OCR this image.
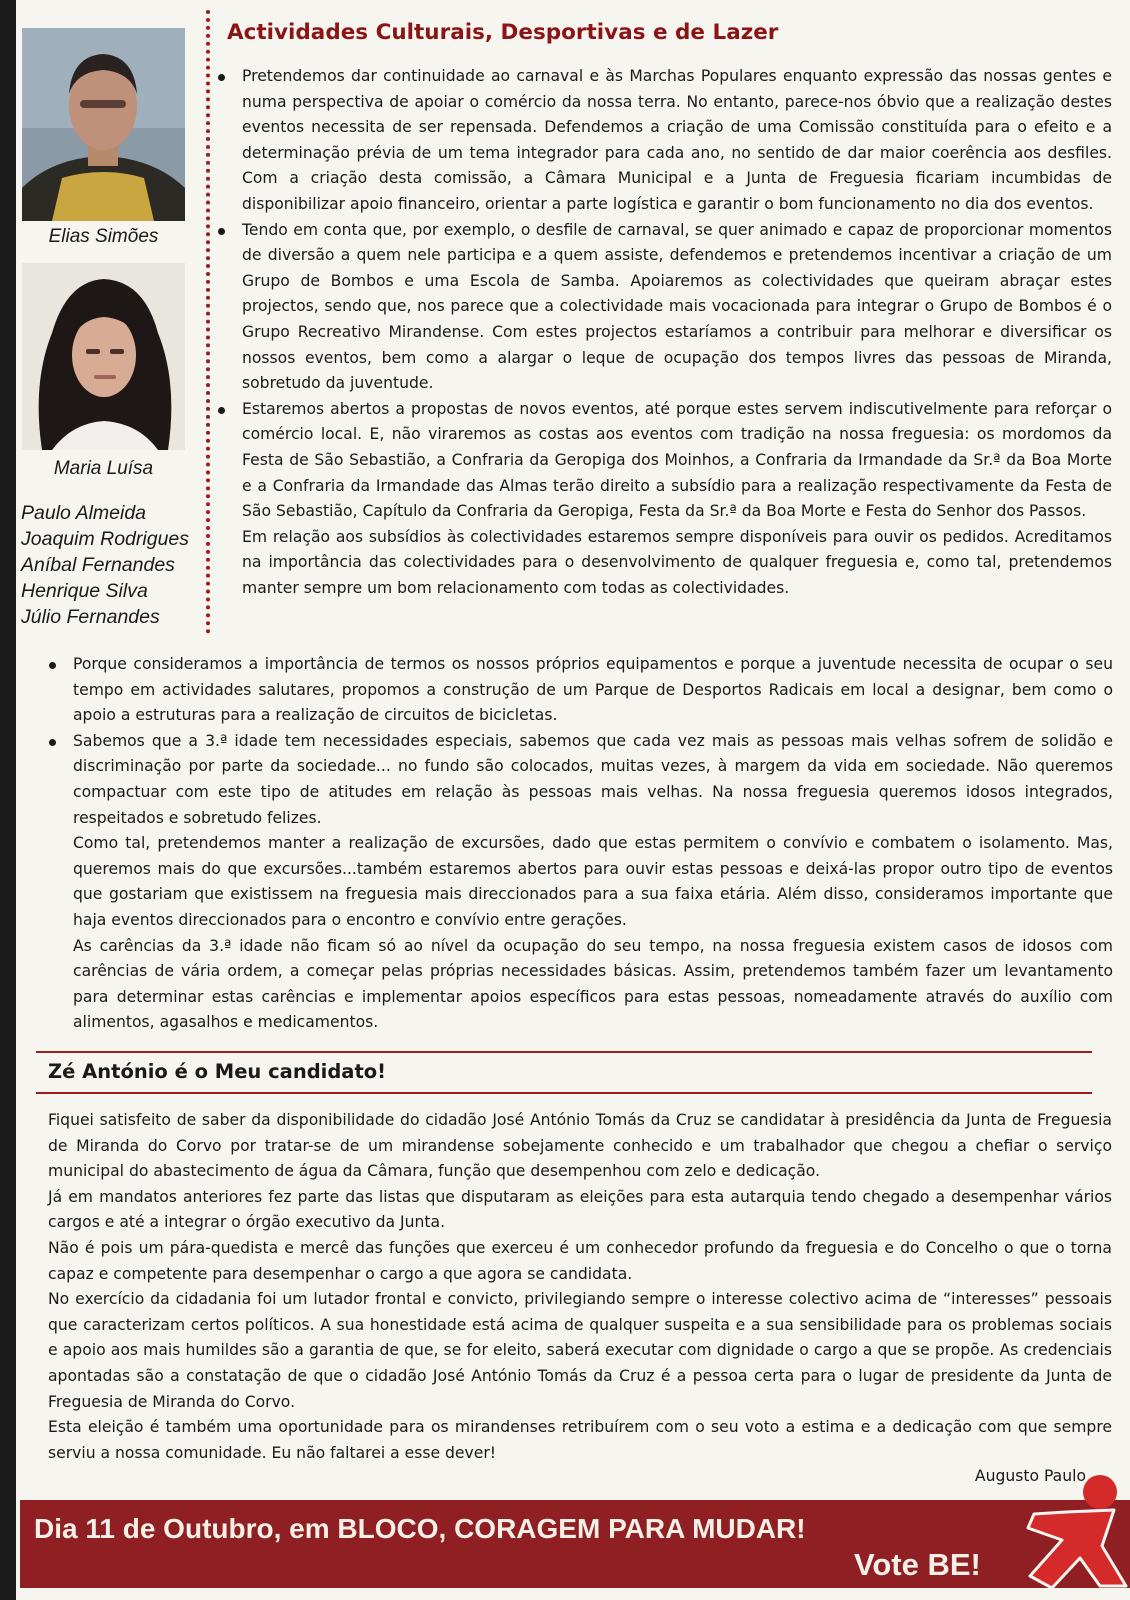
Elias Simões
Maria Luísa
Paulo Almeida
Joaquim Rodrigues
Aníbal Fernandes
Henrique Silva
Júlio Fernandes
Actividades Culturais, Desportivas e de Lazer

Pretendemos dar continuidade ao carnaval e às Marchas Populares enquanto expressão das nossas gentes e numa perspectiva de apoiar o comércio da nossa terra. No entanto, parece-nos óbvio que a realização destes eventos necessita de ser repensada. Defendemos a criação de uma Comissão constituída para o efeito e a determinação prévia de um tema integrador para cada ano, no sentido de dar maior coerência aos desfiles. Com a criação desta comissão, a Câmara Municipal e a Junta de Freguesia ficariam incumbidas de disponibilizar apoio financeiro, orientar a parte logística e garantir o bom funcionamento no dia dos eventos.

Tendo em conta que, por exemplo, o desfile de carnaval, se quer animado e capaz de proporcionar momentos de diversão a quem nele participa e a quem assiste, defendemos e pretendemos incentivar a criação de um Grupo de Bombos e uma Escola de Samba. Apoiaremos as colectividades que queiram abraçar estes projectos, sendo que, nos parece que a colectividade mais vocacionada para integrar o Grupo de Bombos é o Grupo Recreativo Mirandense. Com estes projectos estaríamos a contribuir para melhorar e diversificar os nossos eventos, bem como a alargar o leque de ocupação dos tempos livres das pessoas de Miranda, sobretudo da juventude.

Estaremos abertos a propostas de novos eventos, até porque estes servem indiscutivelmente para reforçar o comércio local. E, não viraremos as costas aos eventos com tradição na nossa freguesia: os mordomos da Festa de São Sebastião, a Confraria da Geropiga dos Moinhos, a Confraria da Irmandade da Sr.ª da Boa Morte e a Confraria da Irmandade das Almas terão direito a subsídio para a realização respectivamente da Festa de São Sebastião, Capítulo da Confraria da Geropiga, Festa da Sr.ª da Boa Morte e Festa do Senhor dos Passos.

Em relação aos subsídios às colectividades estaremos sempre disponíveis para ouvir os pedidos. Acreditamos na importância das colectividades para o desenvolvimento de qualquer freguesia e, como tal, pretendemos manter sempre um bom relacionamento com todas as colectividades.

Porque consideramos a importância de termos os nossos próprios equipamentos e porque a juventude necessita de ocupar o seu tempo em actividades salutares, propomos a construção de um Parque de Desportos Radicais em local a designar, bem como o apoio a estruturas para a realização de circuitos de bicicletas.

Sabemos que a 3.ª idade tem necessidades especiais, sabemos que cada vez mais as pessoas mais velhas sofrem de solidão e discriminação por parte da sociedade... no fundo são colocados, muitas vezes, à margem da vida em sociedade. Não queremos compactuar com este tipo de atitudes em relação às pessoas mais velhas. Na nossa freguesia queremos idosos integrados, respeitados e sobretudo felizes.

Como tal, pretendemos manter a realização de excursões, dado que estas permitem o convívio e combatem o isolamento. Mas, queremos mais do que excursões...também estaremos abertos para ouvir estas pessoas e deixá-las propor outro tipo de eventos que gostariam que existissem na freguesia mais direccionados para a sua faixa etária. Além disso, consideramos importante que haja eventos direccionados para o encontro e convívio entre gerações.

As carências da 3.ª idade não ficam só ao nível da ocupação do seu tempo, na nossa freguesia existem casos de idosos com carências de vária ordem, a começar pelas próprias necessidades básicas. Assim, pretendemos também fazer um levantamento para determinar estas carências e implementar apoios específicos para estas pessoas, nomeadamente através do auxílio com alimentos, agasalhos e medicamentos.

Zé António é o Meu candidato!

Fiquei satisfeito de saber da disponibilidade do cidadão José António Tomás da Cruz se candidatar à presidência da Junta de Freguesia de Miranda do Corvo por tratar-se de um mirandense sobejamente conhecido e um trabalhador que chegou a chefiar o serviço municipal do abastecimento de água da Câmara, função que desempenhou com zelo e dedicação.

Já em mandatos anteriores fez parte das listas que disputaram as eleições para esta autarquia tendo chegado a desempenhar vários cargos e até a integrar o órgão executivo da Junta.

Não é pois um pára-quedista e mercê das funções que exerceu é um conhecedor profundo da freguesia e do Concelho o que o torna capaz e competente para desempenhar o cargo a que agora se candidata.

No exercício da cidadania foi um lutador frontal e convicto, privilegiando sempre o interesse colectivo acima de “interesses” pessoais que caracterizam certos políticos. A sua honestidade está acima de qualquer suspeita e a sua sensibilidade para os problemas sociais e apoio aos mais humildes são a garantia de que, se for eleito, saberá executar com dignidade o cargo a que se propõe. As credenciais apontadas são a constatação de que o cidadão José António Tomás da Cruz é a pessoa certa para o lugar de presidente da Junta de Freguesia de Miranda do Corvo.

Esta eleição é também uma oportunidade para os mirandenses retribuírem com o seu voto a estima e a dedicação com que sempre serviu a nossa comunidade. Eu não faltarei a esse dever!

Augusto Paulo
Dia 11 de Outubro, em BLOCO, CORAGEM PARA MUDAR!
Vote BE!
